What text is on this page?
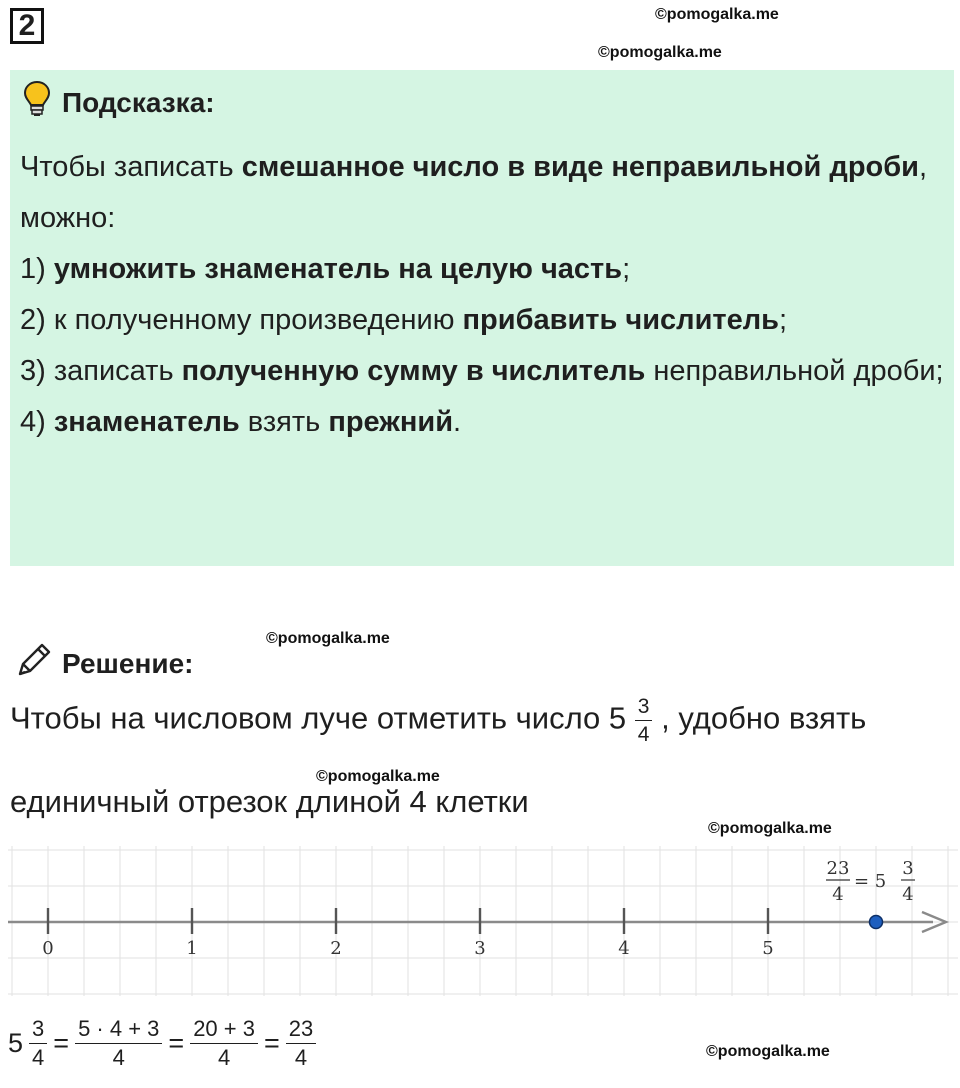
2	©pomogalka.me
©pomogalka.me
©pomogalka.me
©pomogalka.me
©pomogalka.me
©pomogalka.me
Подсказка:

Чтобы записать смешанное число в виде неправильной дроби, можно:

1) умножить знаменатель на целую часть;

2) к полученному произведению прибавить числитель;

3) записать полученную сумму в числитель неправильной дроби;

4) знаменатель взять прежний.

Решение:
Чтобы на числовом луче отметить число $5 \frac{3}{4}$ , удобно взять
единичный отрезок длиной 4 клетки
0	1	2	3	4	5
23
4
= 5
3
4
$5 \frac{3}{4} = \frac{5 \cdot 4 + 3}{4} = \frac{20 + 3}{4} = \frac{23}{4}$
